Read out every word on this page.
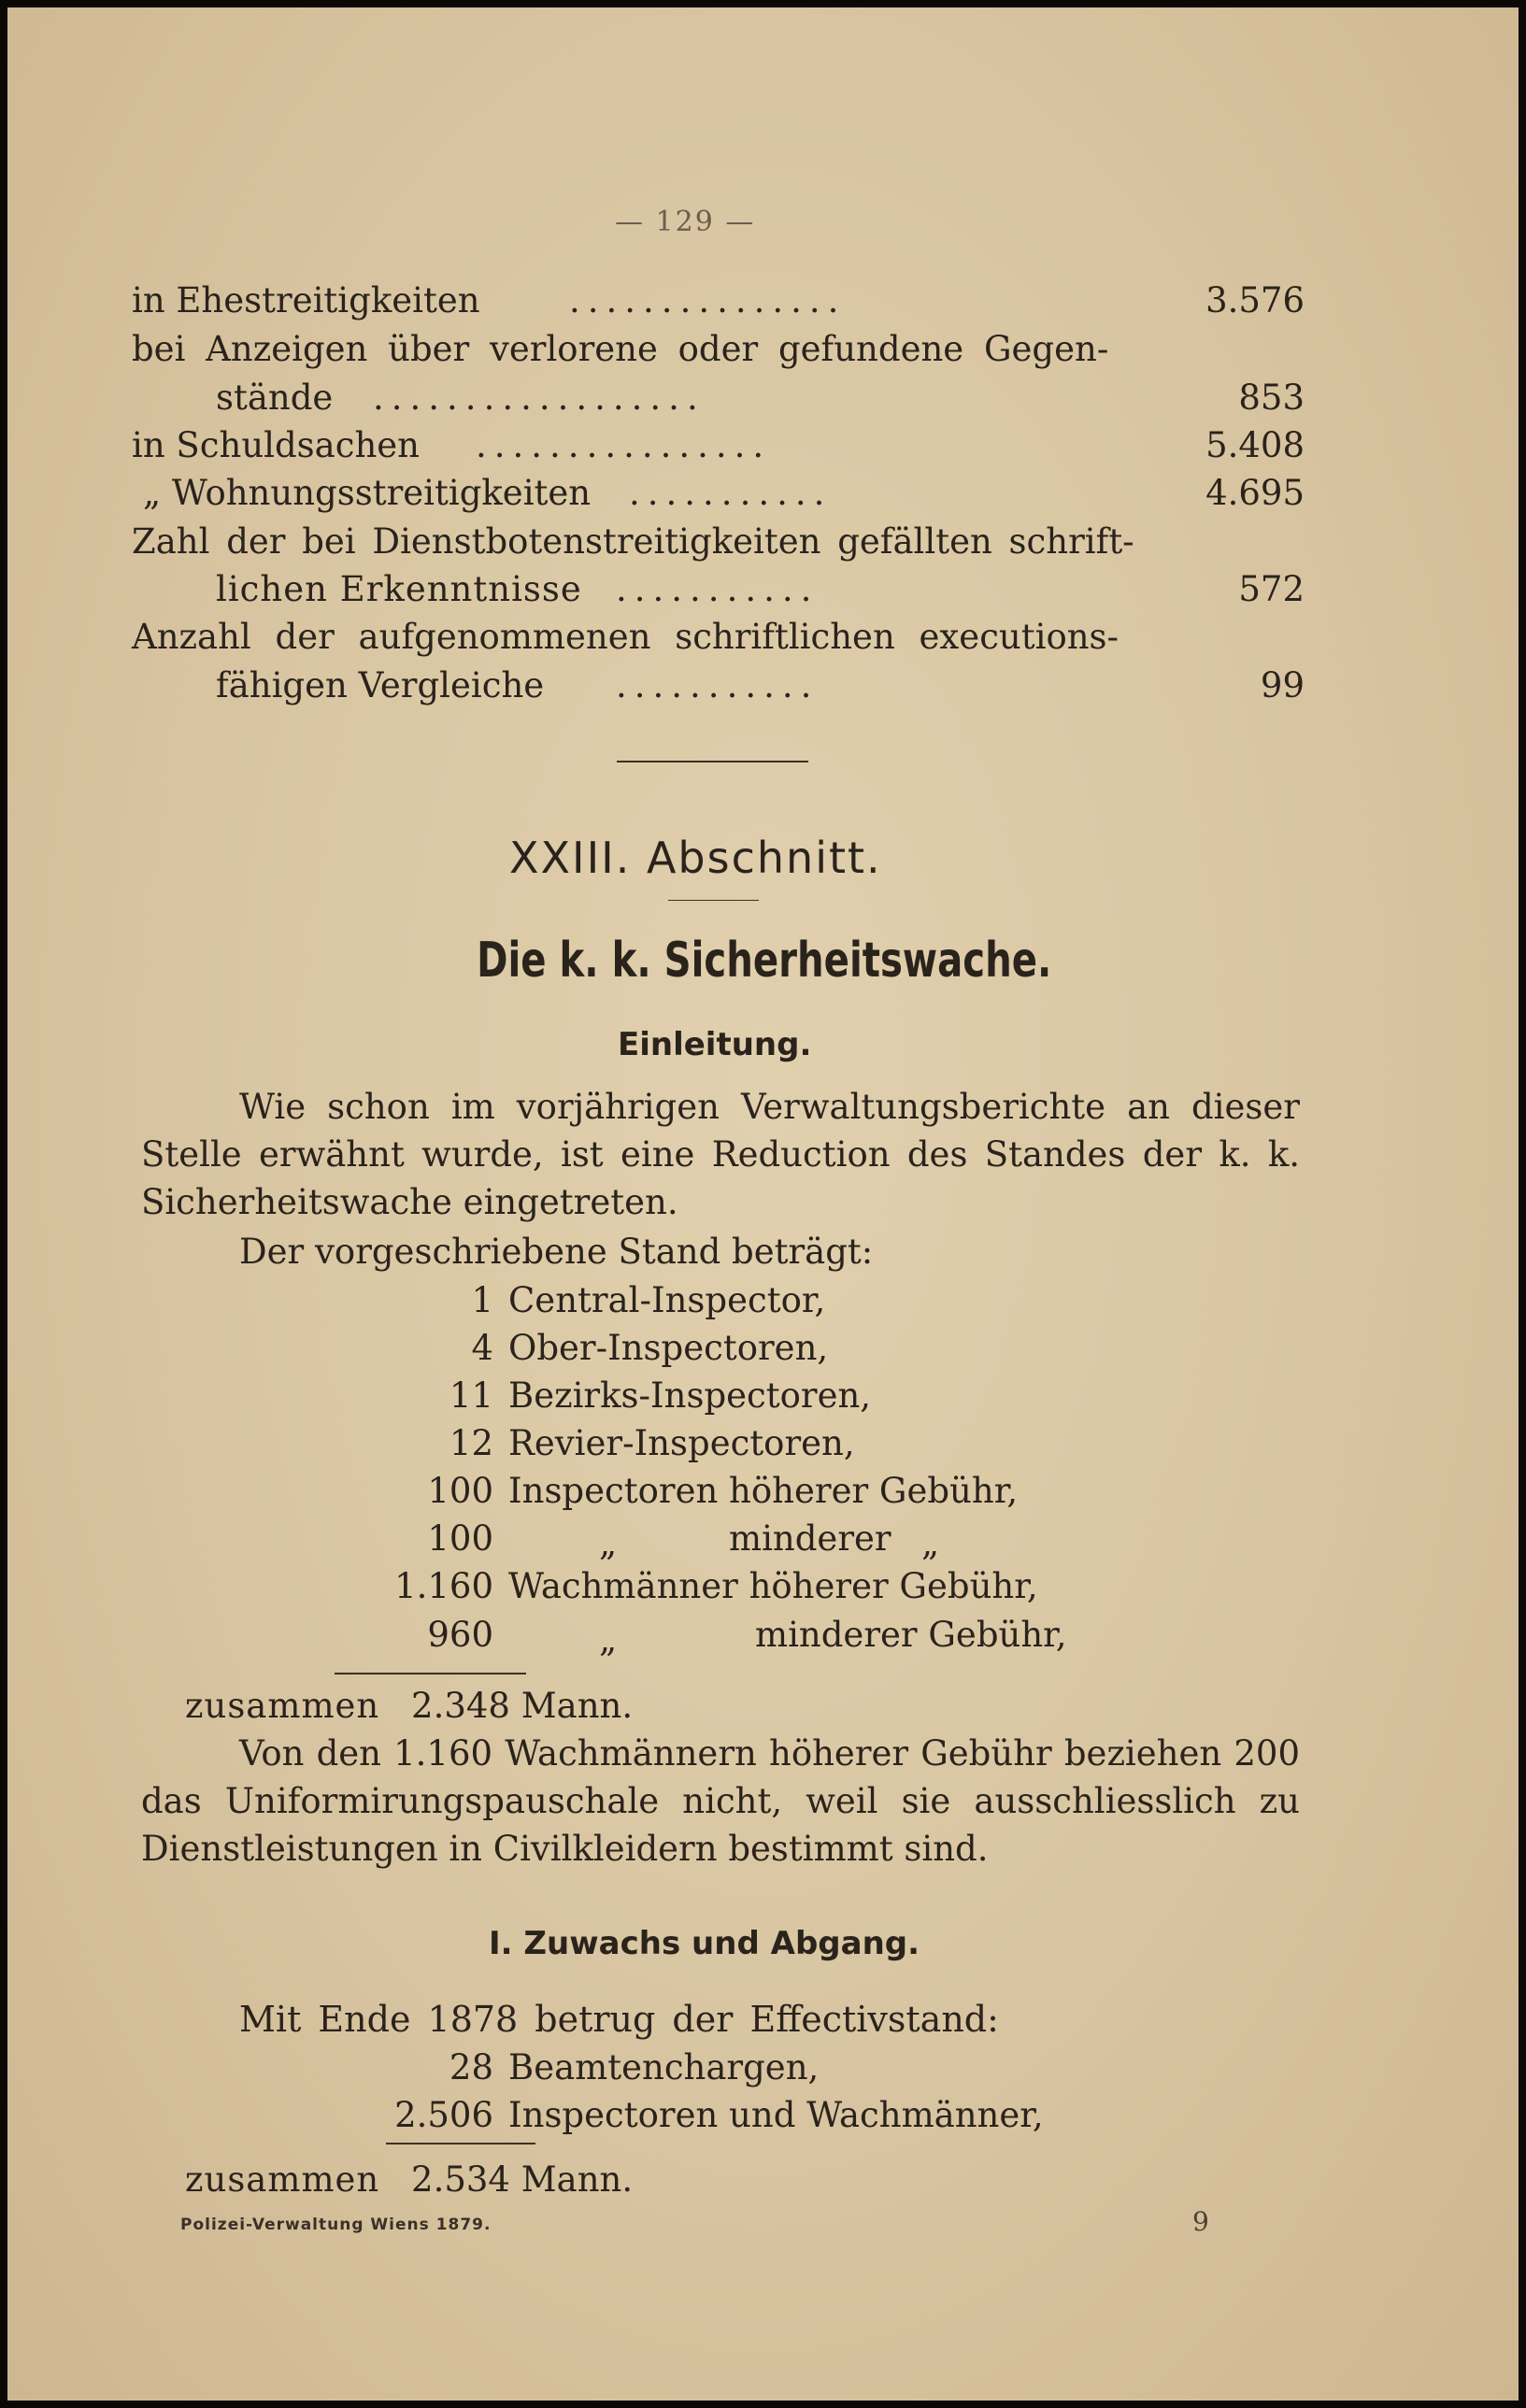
— 129 —
in Ehestreitigkeiten	...............	3.576
bei Anzeigen über verlorene oder gefundene Gegen-
stände ..................	853
in Schuldsachen ................	5.408
„ Wohnungsstreitigkeiten ...........	4.695
Zahl der bei Dienstbotenstreitigkeiten gefällten schrift-
lichen Erkenntnisse ...........	572
Anzahl der aufgenommenen schriftlichen executions-
fähigen Vergleiche ...........	99
XXIII. Abschnitt.
Die k. k. Sicherheitswache.
Einleitung.
Wie schon im vorjährigen Verwaltungsberichte an dieser
Stelle erwähnt wurde, ist eine Reduction des Standes der k. k.
Sicherheitswache eingetreten.
Der vorgeschriebene Stand beträgt:
1 Central-Inspector,
4 Ober-Inspectoren,
11 Bezirks-Inspectoren,
12 Revier-Inspectoren,
100 Inspectoren höherer Gebühr,
100	„	minderer „
1.160 Wachmänner höherer Gebühr,
960	„	minderer Gebühr,
zusammen 2.348 Mann.
Von den 1.160 Wachmännern höherer Gebühr beziehen 200
das Uniformirungspauschale nicht, weil sie ausschliesslich zu
Dienstleistungen in Civilkleidern bestimmt sind.
I. Zuwachs und Abgang.
Mit Ende 1878 betrug der Effectivstand:
28 Beamtenchargen,
2.506 Inspectoren und Wachmänner,
zusammen 2.534 Mann.
Polizei-Verwaltung Wiens 1879.	9
